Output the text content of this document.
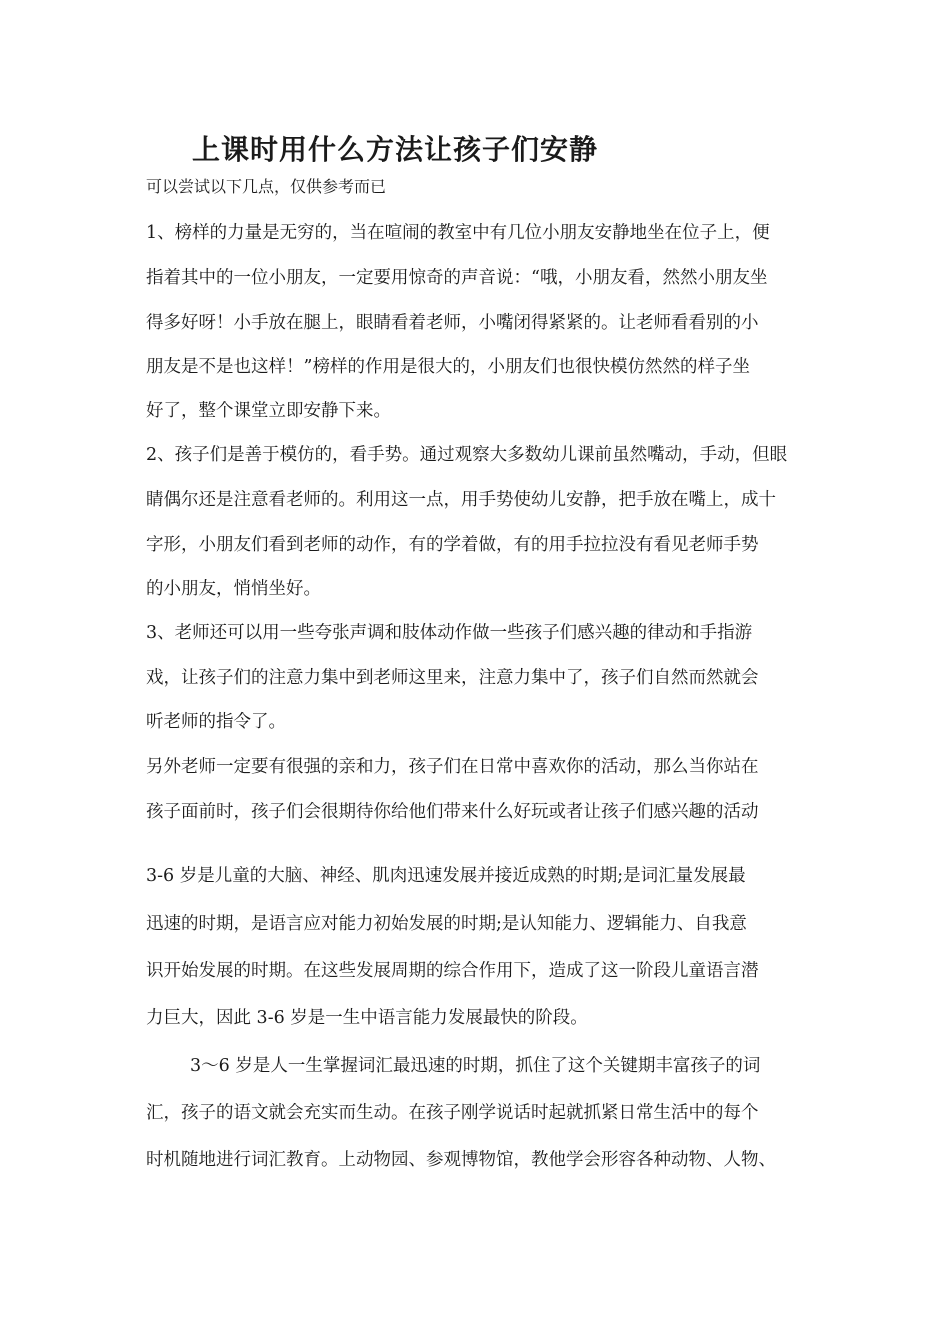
上课时用什么方法让孩子们安静
可以尝试以下几点，仅供参考而已
1、榜样的力量是无穷的，当在喧闹的教室中有几位小朋友安静地坐在位子上，便
指着其中的一位小朋友，一定要用惊奇的声音说：“哦，小朋友看，然然小朋友坐
得多好呀！小手放在腿上，眼睛看着老师，小嘴闭得紧紧的。让老师看看别的小
朋友是不是也这样！”榜样的作用是很大的，小朋友们也很快模仿然然的样子坐
好了，整个课堂立即安静下来。
2、孩子们是善于模仿的，看手势。通过观察大多数幼儿课前虽然嘴动，手动，但眼
睛偶尔还是注意看老师的。利用这一点，用手势使幼儿安静，把手放在嘴上，成十
字形，小朋友们看到老师的动作，有的学着做，有的用手拉拉没有看见老师手势
的小朋友，悄悄坐好。
3、老师还可以用一些夸张声调和肢体动作做一些孩子们感兴趣的律动和手指游
戏，让孩子们的注意力集中到老师这里来，注意力集中了，孩子们自然而然就会
听老师的指令了。
另外老师一定要有很强的亲和力，孩子们在日常中喜欢你的活动，那么当你站在
孩子面前时，孩子们会很期待你给他们带来什么好玩或者让孩子们感兴趣的活动
3-6 岁是儿童的大脑、神经、肌肉迅速发展并接近成熟的时期;是词汇量发展最
迅速的时期，是语言应对能力初始发展的时期;是认知能力、逻辑能力、自我意
识开始发展的时期。在这些发展周期的综合作用下，造成了这一阶段儿童语言潜
力巨大，因此 3-6 岁是一生中语言能力发展最快的阶段。
3～6 岁是人一生掌握词汇最迅速的时期，抓住了这个关键期丰富孩子的词
汇，孩子的语文就会充实而生动。在孩子刚学说话时起就抓紧日常生活中的每个
时机随地进行词汇教育。上动物园、参观博物馆，教他学会形容各种动物、人物、
